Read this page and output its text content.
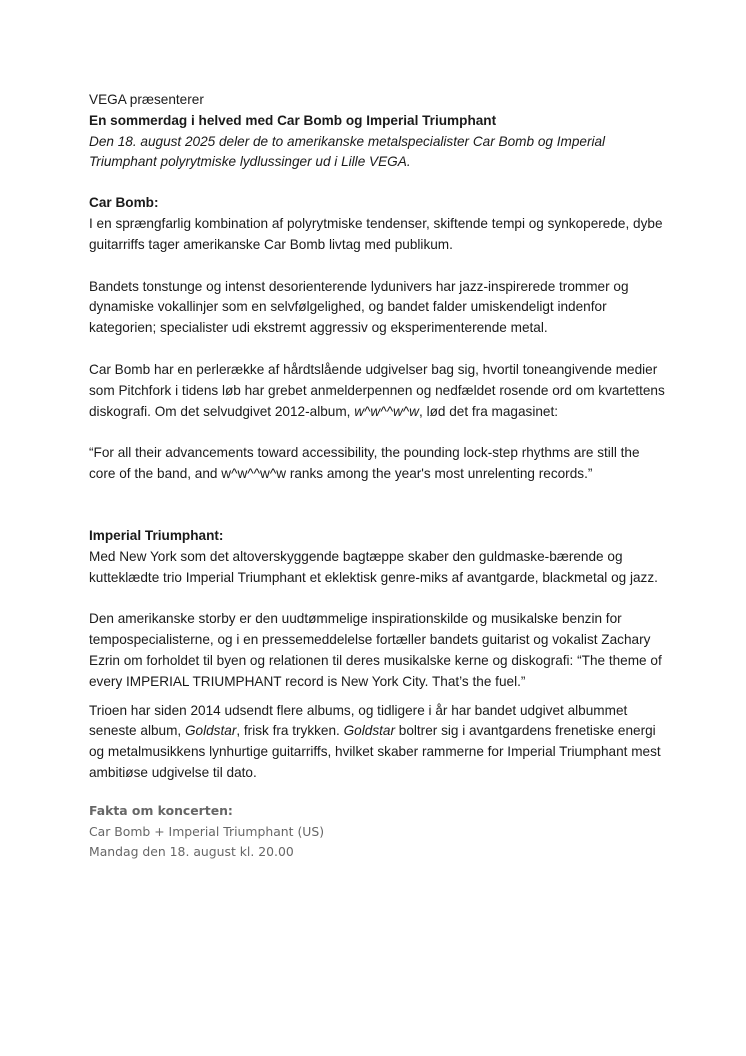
VEGA præsenterer

En sommerdag i helved med Car Bomb og Imperial Triumphant

Den 18. august 2025 deler de to amerikanske metalspecialister Car Bomb og Imperial Triumphant polyrytmiske lydlussinger ud i Lille VEGA.

Car Bomb:

I en sprængfarlig kombination af polyrytmiske tendenser, skiftende tempi og synkoperede, dybe guitarriffs tager amerikanske Car Bomb livtag med publikum.

Bandets tonstunge og intenst desorienterende lydunivers har jazz-inspirerede trommer og dynamiske vokallinjer som en selvfølgelighed, og bandet falder umiskendeligt indenfor kategorien; specialister udi ekstremt aggressiv og eksperimenterende metal.

Car Bomb har en perlerække af hårdtslående udgivelser bag sig, hvortil toneangivende medier som Pitchfork i tidens løb har grebet anmelderpennen og nedfældet rosende ord om kvartettens diskografi. Om det selvudgivet 2012-album, w^w^^w^w, lød det fra magasinet:

“For all their advancements toward accessibility, the pounding lock-step rhythms are still the core of the band, and w^w^^w^w ranks among the year's most unrelenting records.”

Imperial Triumphant:

Med New York som det altoverskyggende bagtæppe skaber den guldmaske-bærende og kutteklædte trio Imperial Triumphant et eklektisk genre-miks af avantgarde, blackmetal og jazz.

Den amerikanske storby er den uudtømmelige inspirationskilde og musikalske benzin for tempospecialisterne, og i en pressemeddelelse fortæller bandets guitarist og vokalist Zachary Ezrin om forholdet til byen og relationen til deres musikalske kerne og diskografi: “The theme of every IMPERIAL TRIUMPHANT record is New York City. That’s the fuel.”

Trioen har siden 2014 udsendt flere albums, og tidligere i år har bandet udgivet albummet seneste album, Goldstar, frisk fra trykken. Goldstar boltrer sig i avantgardens frenetiske energi og metalmusikkens lynhurtige guitarriffs, hvilket skaber rammerne for Imperial Triumphant mest ambitiøse udgivelse til dato.

Fakta om koncerten:

Car Bomb + Imperial Triumphant (US)

Mandag den 18. august kl. 20.00
